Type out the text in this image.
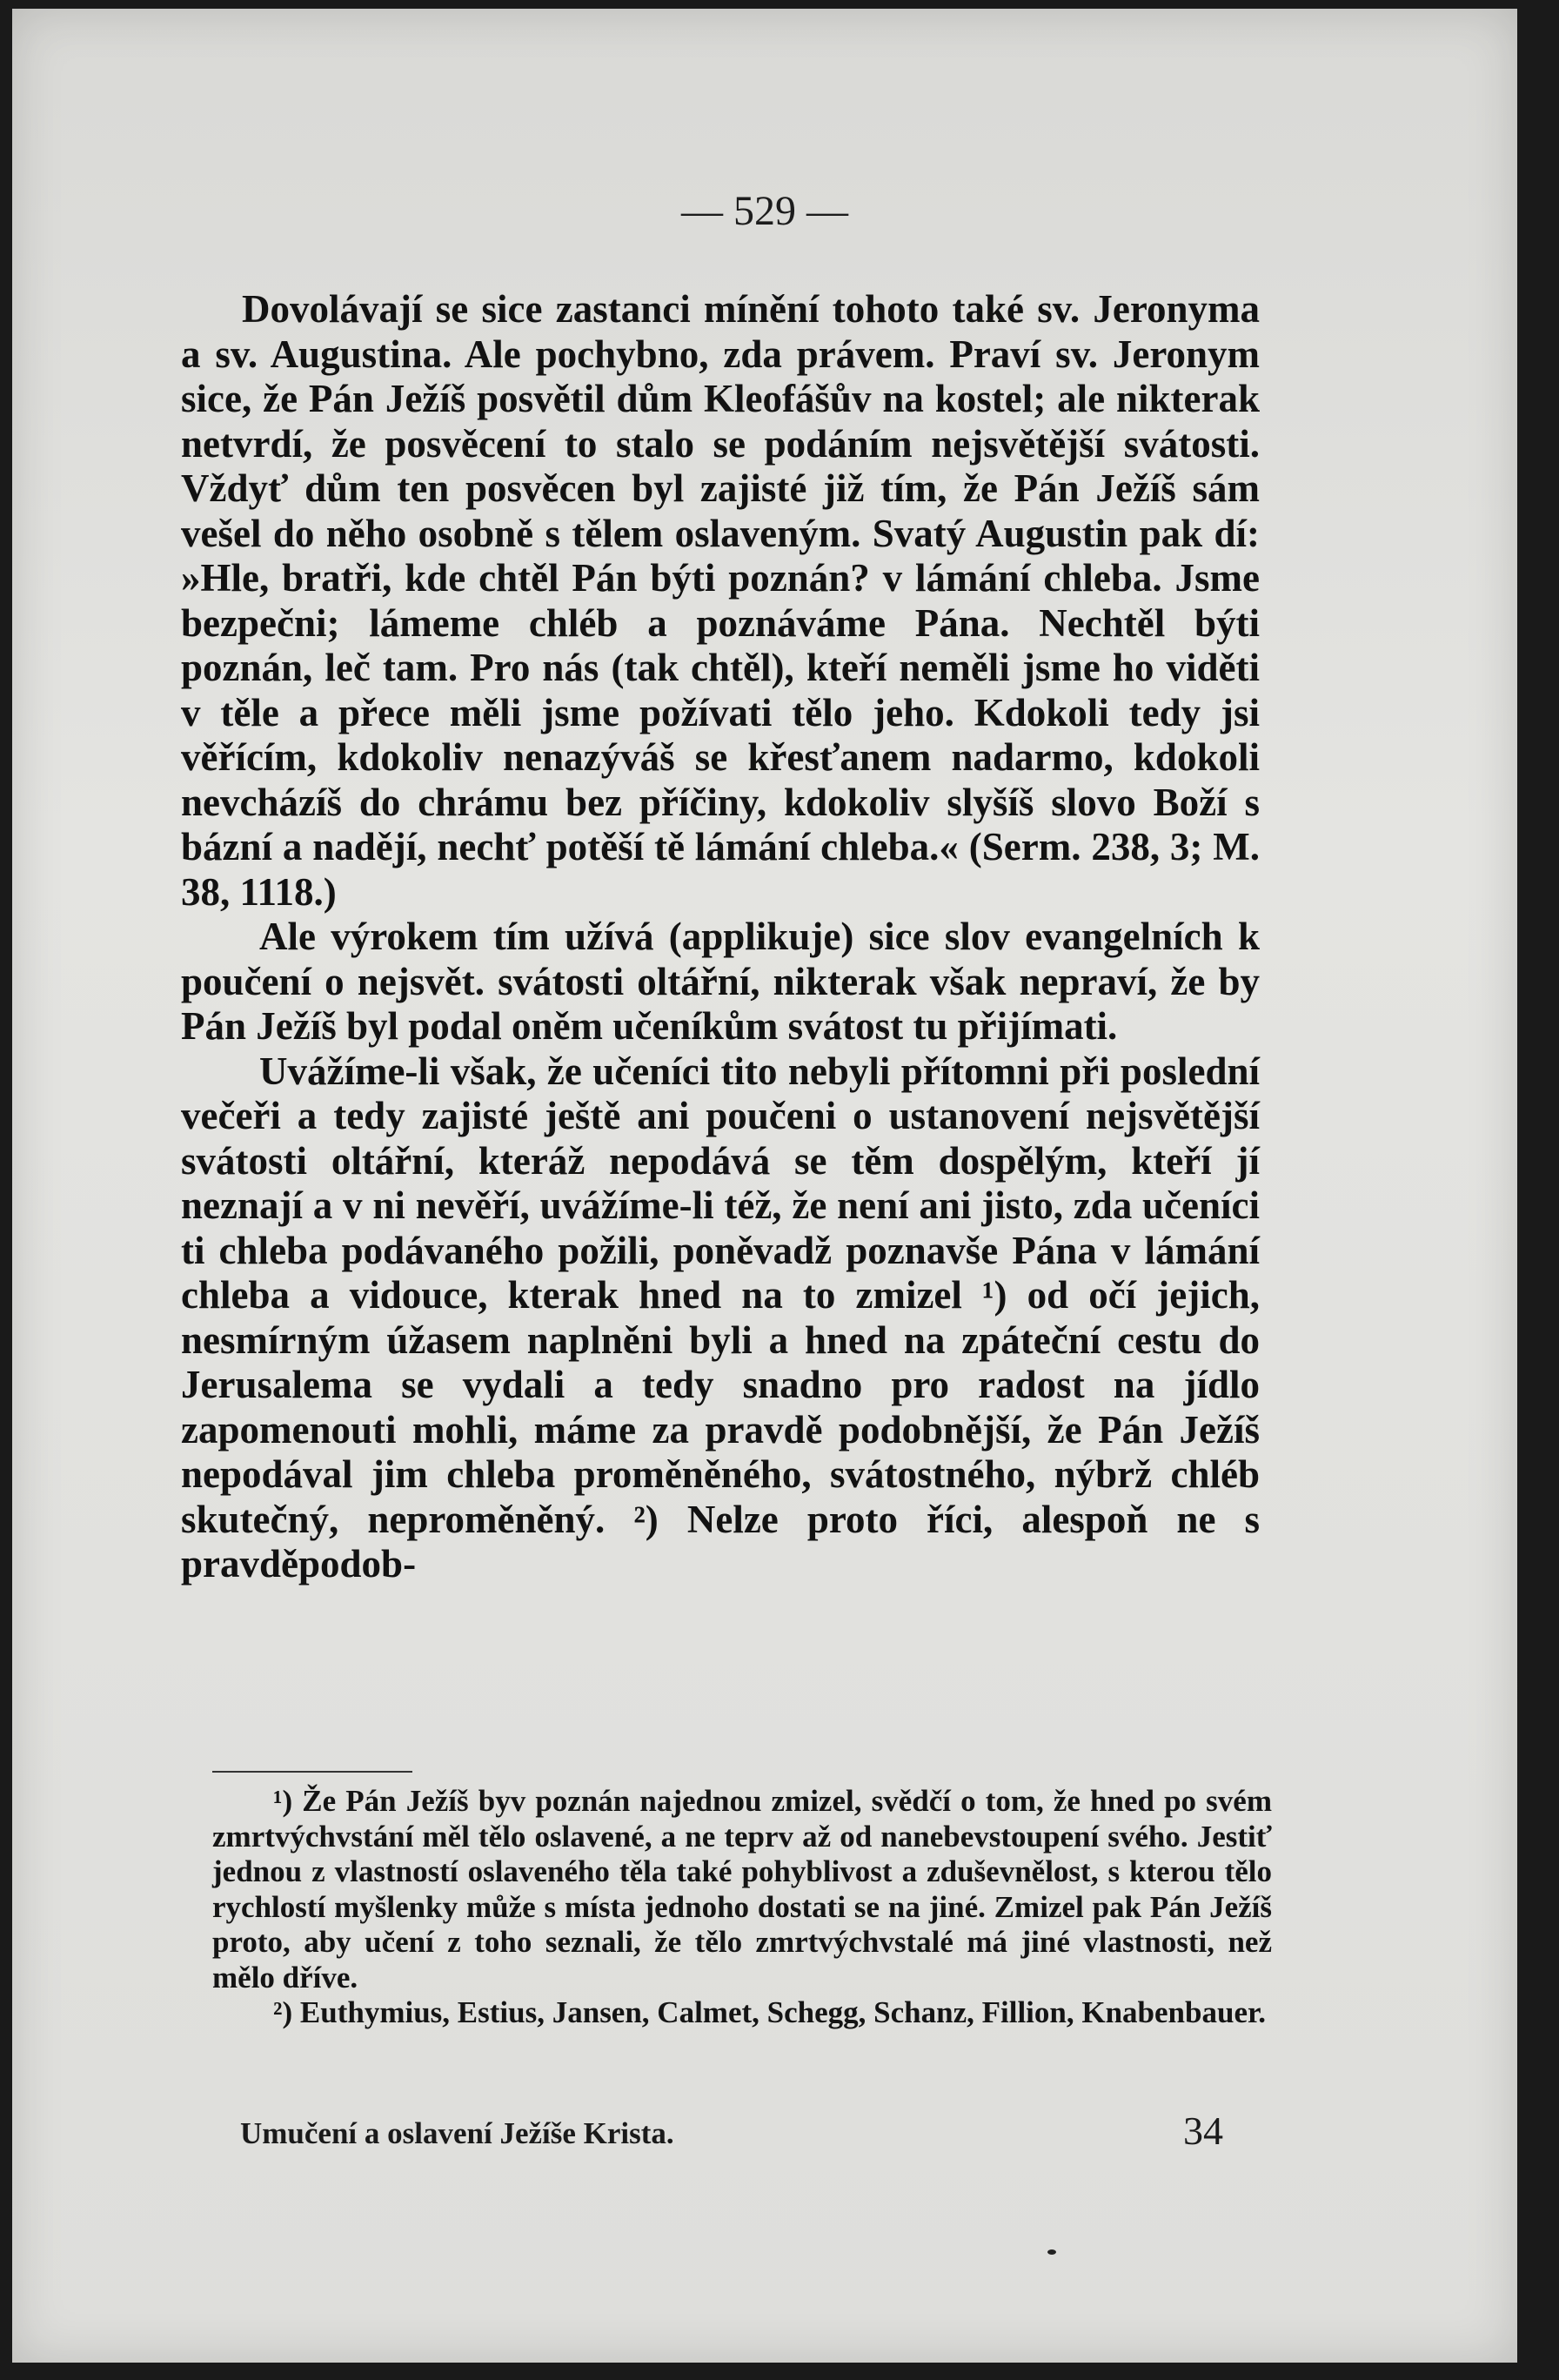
— 529 —

Dovolávají se sice zastanci mínění tohoto také sv. Jeronyma a sv. Augustina. Ale pochybno, zda právem. Praví sv. Jeronym sice, že Pán Ježíš posvětil dům Kleofášův na kostel; ale nikterak netvrdí, že posvěcení to stalo se podáním nejsvětější svátosti. Vždyť dům ten posvěcen byl zajisté již tím, že Pán Ježíš sám vešel do něho osobně s tělem oslaveným. Svatý Augustin pak dí: »Hle, bratři, kde chtěl Pán býti poznán? v lámání chleba. Jsme bezpečni; lámeme chléb a poznáváme Pána. Nechtěl býti poznán, leč tam. Pro nás (tak chtěl), kteří neměli jsme ho viděti v těle a přece měli jsme požívati tělo jeho. Kdokoli tedy jsi věřícím, kdokoliv nenazýváš se křesťanem nadarmo, kdokoli nevcházíš do chrámu bez příčiny, kdokoliv slyšíš slovo Boží s bázní a nadějí, nechť potěší tě lámání chleba.« (Serm. 238, 3; M. 38, 1118.)

Ale výrokem tím užívá (applikuje) sice slov evangelních k poučení o nejsvět. svátosti oltářní, nikterak však nepraví, že by Pán Ježíš byl podal oněm učeníkům svátost tu přijímati.

Uvážíme-li však, že učeníci tito nebyli přítomni při poslední večeři a tedy zajisté ještě ani poučeni o ustanovení nejsvětější svátosti oltářní, kteráž nepodává se těm dospělým, kteří jí neznají a v ni nevěří, uvážíme-li též, že není ani jisto, zda učeníci ti chleba podávaného požili, poněvadž poznavše Pána v lámání chleba a vidouce, kterak hned na to zmizel ¹) od očí jejich, nesmírným úžasem naplněni byli a hned na zpáteční cestu do Jerusalema se vydali a tedy snadno pro radost na jídlo zapomenouti mohli, máme za pravdě podobnější, že Pán Ježíš nepodával jim chleba proměněného, svátostného, nýbrž chléb skutečný, neproměněný. ²) Nelze proto říci, alespoň ne s pravděpodob-

¹) Že Pán Ježíš byv poznán najednou zmizel, svědčí o tom, že hned po svém zmrtvýchvstání měl tělo oslavené, a ne teprv až od nanebevstoupení svého. Jestiť jednou z vlastností oslaveného těla také pohyblivost a zduševnělost, s kterou tělo rychlostí myšlenky může s místa jednoho dostati se na jiné. Zmizel pak Pán Ježíš proto, aby učení z toho seznali, že tělo zmrtvýchvstalé má jiné vlastnosti, než mělo dříve.

²) Euthymius, Estius, Jansen, Calmet, Schegg, Schanz, Fillion, Knabenbauer.

Umučení a oslavení Ježíše Krista.	34
